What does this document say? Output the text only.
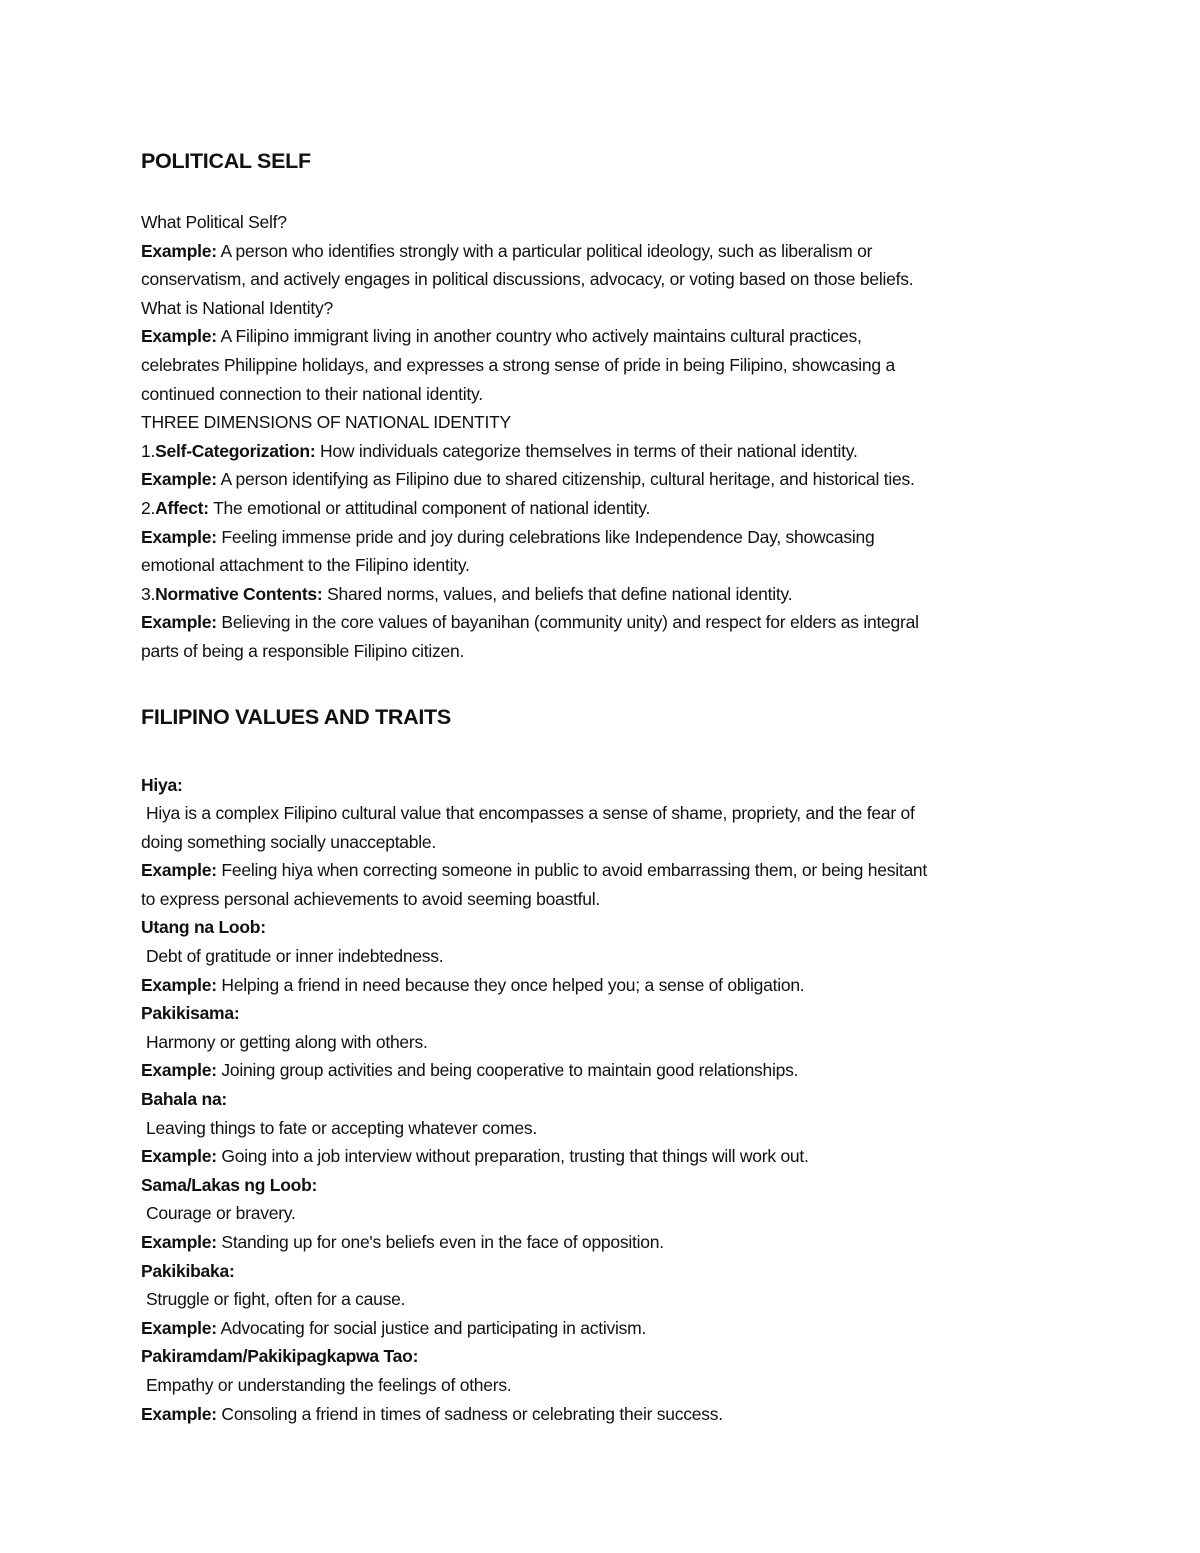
POLITICAL SELF

What Political Self?

Example: A person who identifies strongly with a particular political ideology, such as liberalism or

conservatism, and actively engages in political discussions, advocacy, or voting based on those beliefs.

What is National Identity?

Example: A Filipino immigrant living in another country who actively maintains cultural practices,

celebrates Philippine holidays, and expresses a strong sense of pride in being Filipino, showcasing a

continued connection to their national identity.

THREE DIMENSIONS OF NATIONAL IDENTITY

1.Self-Categorization: How individuals categorize themselves in terms of their national identity.

Example: A person identifying as Filipino due to shared citizenship, cultural heritage, and historical ties.

2.Affect: The emotional or attitudinal component of national identity.

Example: Feeling immense pride and joy during celebrations like Independence Day, showcasing

emotional attachment to the Filipino identity.

3.Normative Contents: Shared norms, values, and beliefs that define national identity.

Example: Believing in the core values of bayanihan (community unity) and respect for elders as integral

parts of being a responsible Filipino citizen.

FILIPINO VALUES AND TRAITS

Hiya:

Hiya is a complex Filipino cultural value that encompasses a sense of shame, propriety, and the fear of

doing something socially unacceptable.

Example: Feeling hiya when correcting someone in public to avoid embarrassing them, or being hesitant

to express personal achievements to avoid seeming boastful.

Utang na Loob:

Debt of gratitude or inner indebtedness.

Example: Helping a friend in need because they once helped you; a sense of obligation.

Pakikisama:

Harmony or getting along with others.

Example: Joining group activities and being cooperative to maintain good relationships.

Bahala na:

Leaving things to fate or accepting whatever comes.

Example: Going into a job interview without preparation, trusting that things will work out.

Sama/Lakas ng Loob:

Courage or bravery.

Example: Standing up for one's beliefs even in the face of opposition.

Pakikibaka:

Struggle or fight, often for a cause.

Example: Advocating for social justice and participating in activism.

Pakiramdam/Pakikipagkapwa Tao:

Empathy or understanding the feelings of others.

Example: Consoling a friend in times of sadness or celebrating their success.
